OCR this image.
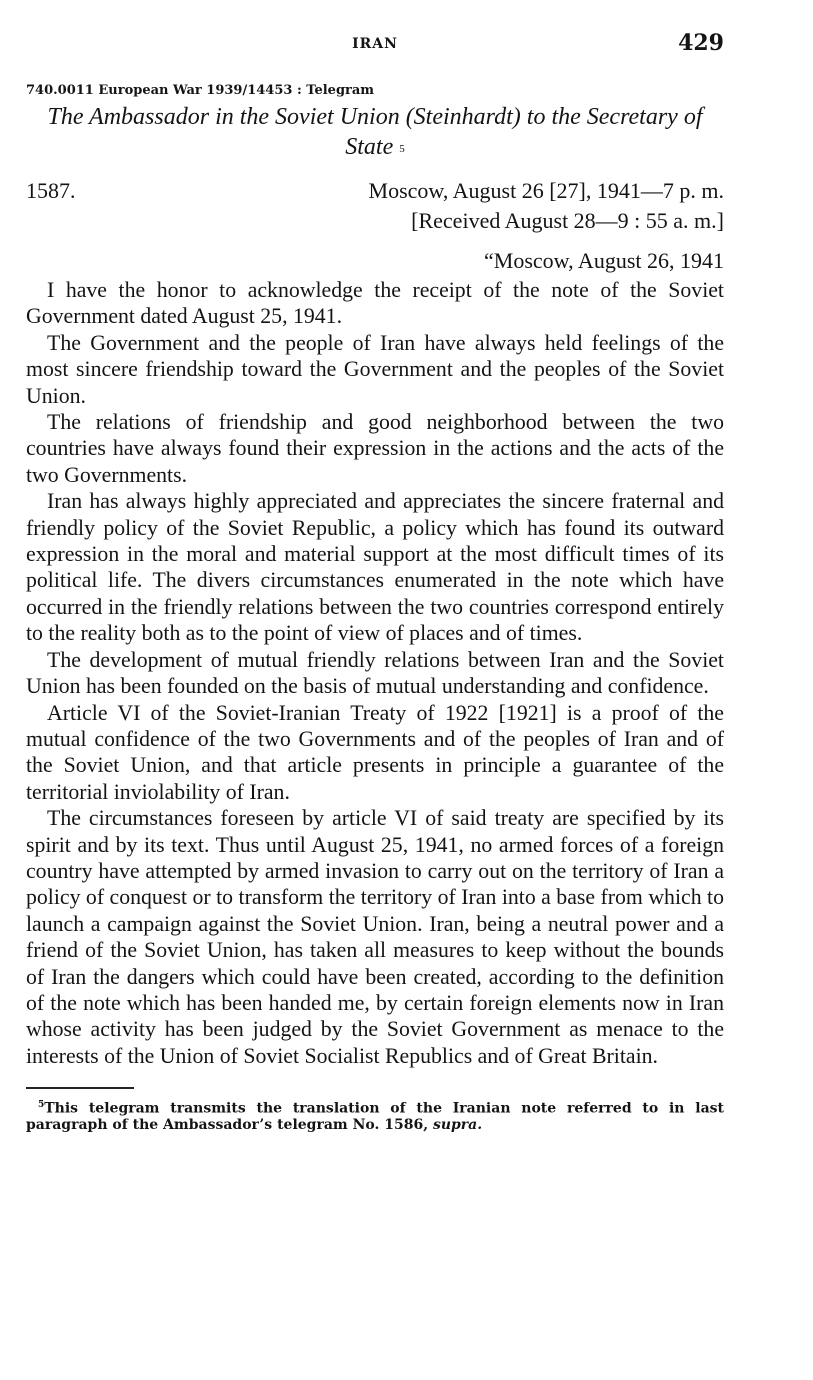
IRAN	429
740.0011 European War 1939/14453 : Telegram
The Ambassador in the Soviet Union (Steinhardt) to the Secretary of State $^5$
1587.	Moscow, August 26 [27], 1941—7 p. m.
[Received August 28—9 : 55 a. m.]
“Moscow, August 26, 1941

I have the honor to acknowledge the receipt of the note of the Soviet Government dated August 25, 1941.

The Government and the people of Iran have always held feelings of the most sincere friendship toward the Government and the peoples of the Soviet Union.

The relations of friendship and good neighborhood between the two countries have always found their expression in the actions and the acts of the two Governments.

Iran has always highly appreciated and appreciates the sincere fraternal and friendly policy of the Soviet Republic, a policy which has found its outward expression in the moral and material support at the most difficult times of its political life. The divers circumstances enumerated in the note which have occurred in the friendly relations between the two countries correspond entirely to the reality both as to the point of view of places and of times.

The development of mutual friendly relations between Iran and the Soviet Union has been founded on the basis of mutual understanding and confidence.

Article VI of the Soviet-Iranian Treaty of 1922 [1921] is a proof of the mutual confidence of the two Governments and of the peoples of Iran and of the Soviet Union, and that article presents in principle a guarantee of the territorial inviolability of Iran.

The circumstances foreseen by article VI of said treaty are specified by its spirit and by its text. Thus until August 25, 1941, no armed forces of a foreign country have attempted by armed invasion to carry out on the territory of Iran a policy of conquest or to transform the territory of Iran into a base from which to launch a campaign against the Soviet Union. Iran, being a neutral power and a friend of the Soviet Union, has taken all measures to keep without the bounds of Iran the dangers which could have been created, according to the definition of the note which has been handed me, by certain foreign elements now in Iran whose activity has been judged by the Soviet Government as menace to the interests of the Union of Soviet Socialist Republics and of Great Britain.

$^5$This telegram transmits the translation of the Iranian note referred to in last paragraph of the Ambassador’s telegram No. 1586, supra.
